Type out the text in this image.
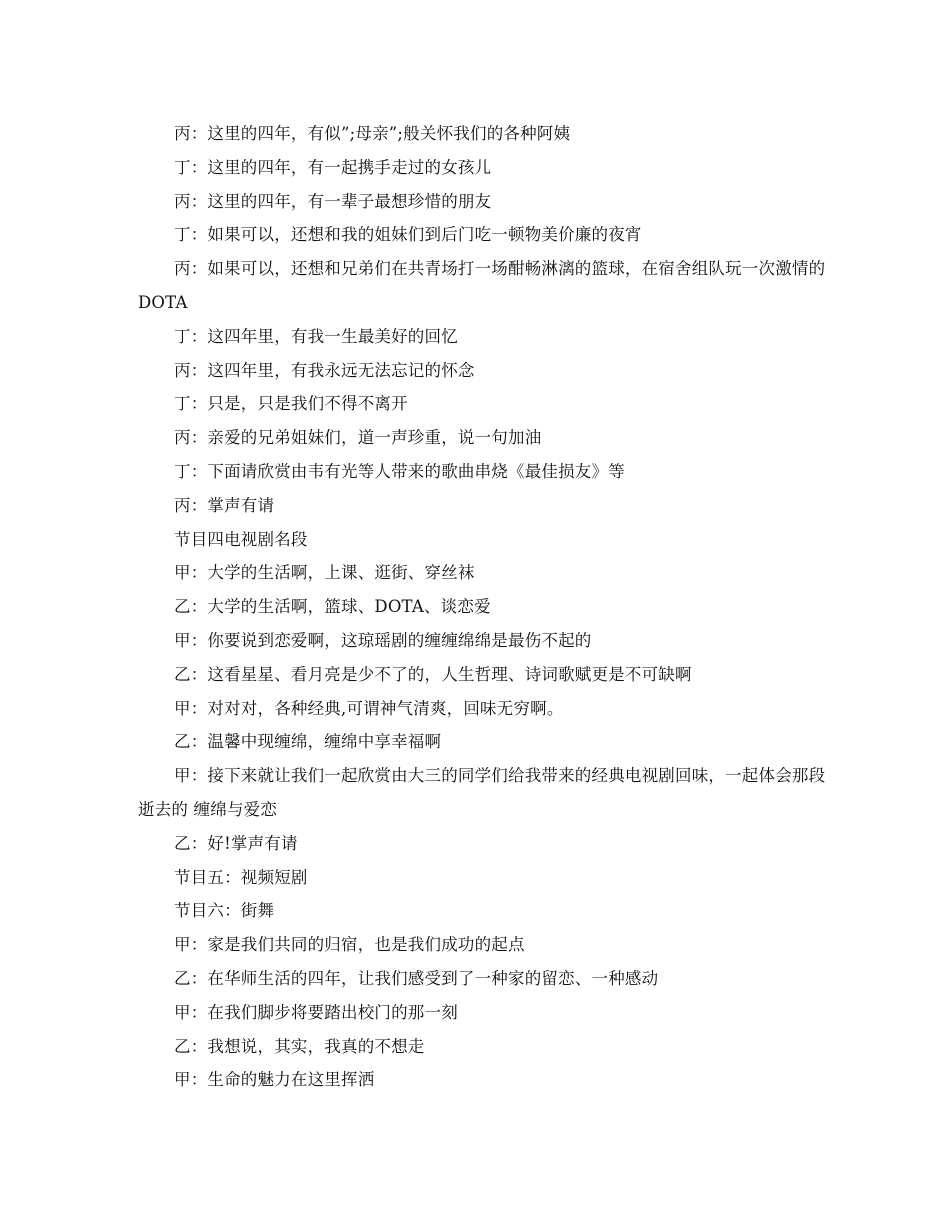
丙：这里的四年，有似”;母亲”;般关怀我们的各种阿姨

丁：这里的四年，有一起携手走过的女孩儿

丙：这里的四年，有一辈子最想珍惜的朋友

丁：如果可以，还想和我的姐妹们到后门吃一顿物美价廉的夜宵

丙：如果可以，还想和兄弟们在共青场打一场酣畅淋漓的篮球，在宿舍组队玩一次激情的 DOTA

丁：这四年里，有我一生最美好的回忆

丙：这四年里，有我永远无法忘记的怀念

丁：只是，只是我们不得不离开

丙：亲爱的兄弟姐妹们，道一声珍重，说一句加油

丁：下面请欣赏由韦有光等人带来的歌曲串烧《最佳损友》等

丙：掌声有请

节目四电视剧名段

甲：大学的生活啊，上课、逛街、穿丝袜

乙：大学的生活啊，篮球、DOTA、谈恋爱

甲：你要说到恋爱啊，这琼瑶剧的缠缠绵绵是最伤不起的

乙：这看星星、看月亮是少不了的，人生哲理、诗词歌赋更是不可缺啊

甲：对对对，各种经典,可谓神气清爽，回味无穷啊。

乙：温馨中现缠绵，缠绵中享幸福啊

甲：接下来就让我们一起欣赏由大三的同学们给我带来的经典电视剧回味，一起体会那段逝去的 缠绵与爱恋

乙：好!掌声有请

节目五：视频短剧

节目六：街舞

甲：家是我们共同的归宿，也是我们成功的起点

乙：在华师生活的四年，让我们感受到了一种家的留恋、一种感动

甲：在我们脚步将要踏出校门的那一刻

乙：我想说，其实，我真的不想走

甲：生命的魅力在这里挥洒
